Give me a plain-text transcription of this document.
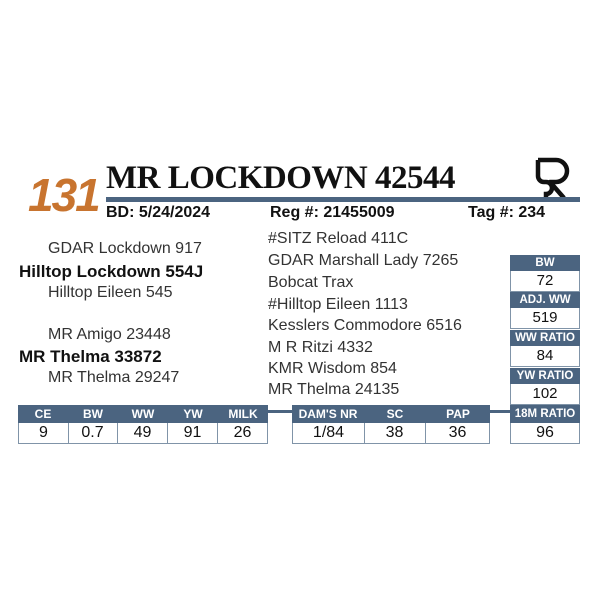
131 MR LOCKDOWN 42544
BD: 5/24/2024	Reg #: 21455009	Tag #: 234
GDAR Lockdown 917
Hilltop Lockdown 554J
Hilltop Eileen 545
MR Amigo 23448
MR Thelma 33872
MR Thelma 29247
#SITZ Reload 411C
GDAR Marshall Lady 7265
Bobcat Trax
#Hilltop Eileen 1113
Kesslers Commodore 6516
M R Ritzi 4332
KMR Wisdom 854
MR Thelma 24135
BW
72
ADJ. WW
519
WW RATIO
84
YW RATIO
102
CE	BW	WW	YW	MILK
9	0.7	49	91	26
DAM'S NR	SC	PAP
1/84	38	36
18M RATIO
96
